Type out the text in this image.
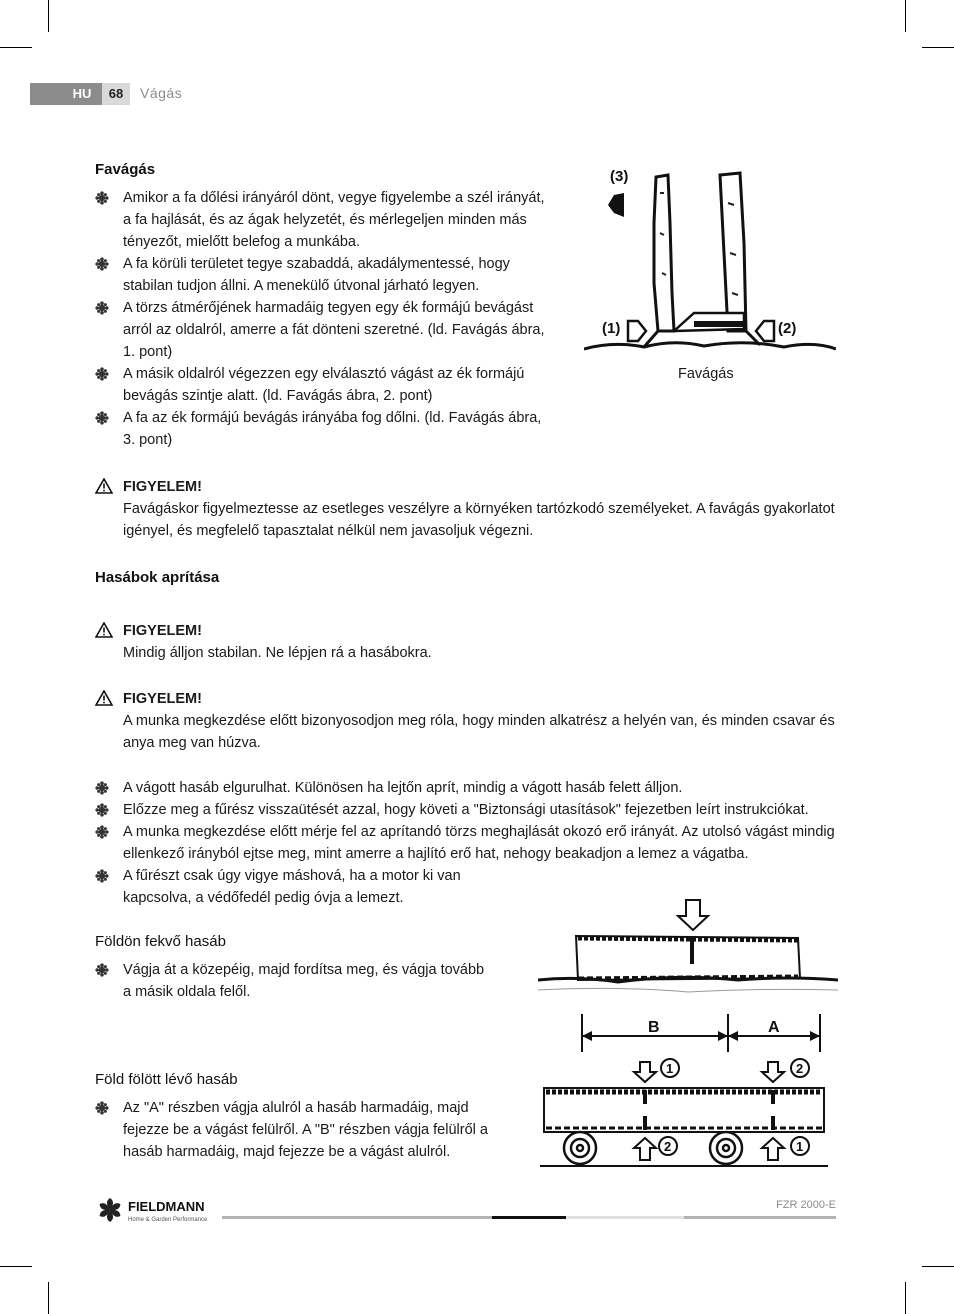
HU	68	Vágás
Favágás
Amikor a fa dőlési irányáról dönt, vegye figyelembe a szél irányát, a fa hajlását, és az ágak helyzetét, és mérlegeljen minden más tényezőt, mielőtt belefog a munkába.
A fa körüli területet tegye szabaddá, akadálymentessé, hogy stabilan tudjon állni. A menekülő útvonal járható legyen.
A törzs átmérőjének harmadáig tegyen egy ék formájú bevágást arról az oldalról, amerre a fát dönteni szeretné. (ld. Favágás ábra, 1. pont)
A másik oldalról végezzen egy elválasztó vágást az ék formájú bevágás szintje alatt. (ld. Favágás ábra, 2. pont)
A fa az ék formájú bevágás irányába fog dőlni. (ld. Favágás ábra, 3. pont)
(3)
(1)	(2)
Favágás
FIGYELEM!
Favágáskor figyelmeztesse az esetleges veszélyre a környéken tartózkodó személyeket. A favágás gyakorlatot igényel, és megfelelő tapasztalat nélkül nem javasoljuk végezni.
Hasábok aprítása
FIGYELEM!
Mindig álljon stabilan. Ne lépjen rá a hasábokra.
FIGYELEM!
A munka megkezdése előtt bizonyosodjon meg róla, hogy minden alkatrész a helyén van, és minden csavar és anya meg van húzva.
A vágott hasáb elgurulhat. Különösen ha lejtőn aprít, mindig a vágott hasáb felett álljon.
Előzze meg a fűrész visszaütését azzal, hogy követi a "Biztonsági utasítások" fejezetben leírt instrukciókat.
A munka megkezdése előtt mérje fel az aprítandó törzs meghajlását okozó erő irányát. Az utolsó vágást mindig ellenkező irányból ejtse meg, mint amerre a hajlító erő hat, nehogy beakadjon a lemez a vágatba.
A fűrészt csak úgy vigye máshová, ha a motor ki van kapcsolva, a védőfedél pedig óvja a lemezt.
Földön fekvő hasáb
Vágja át a közepéig, majd fordítsa meg, és vágja tovább a másik oldala felől.
Föld fölött lévő hasáb
Az "A" részben vágja alulról a hasáb harmadáig, majd fejezze be a vágást felülről. A "B" részben vágja felülről a hasáb harmadáig, majd fejezze be a vágást alulról.
B	A
1	2
2	1
FIELDMANN
Home & Garden Performance
FZR 2000-E
